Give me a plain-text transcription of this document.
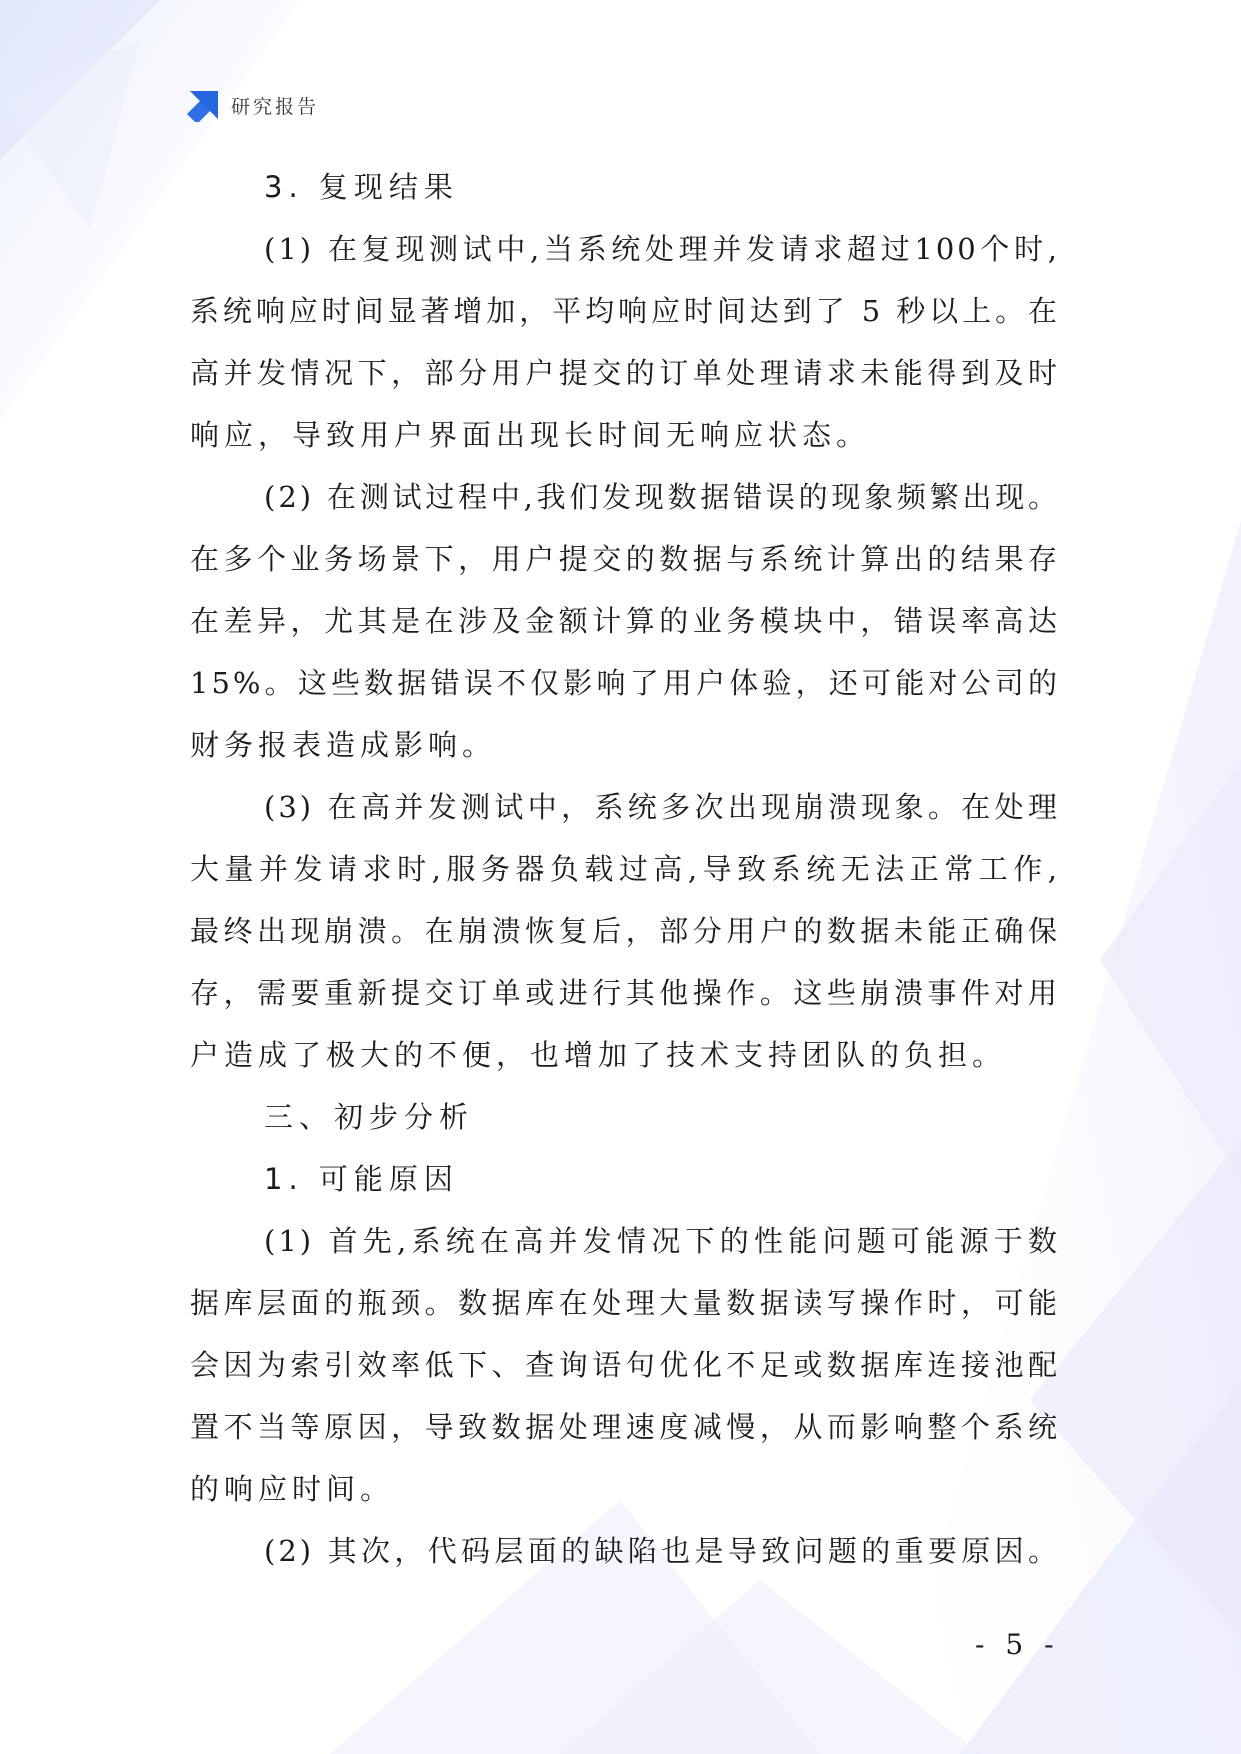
研究报告
3. 复现结果
(1) 在复现测试中,当系统处理并发请求超过100个时,
系统响应时间显著增加，平均响应时间达到了 5 秒以上。在
高并发情况下，部分用户提交的订单处理请求未能得到及时
响应，导致用户界面出现长时间无响应状态。
(2) 在测试过程中,我们发现数据错误的现象频繁出现。
在多个业务场景下，用户提交的数据与系统计算出的结果存
在差异，尤其是在涉及金额计算的业务模块中，错误率高达
15%。这些数据错误不仅影响了用户体验，还可能对公司的
财务报表造成影响。
(3) 在高并发测试中，系统多次出现崩溃现象。在处理
大量并发请求时,服务器负载过高,导致系统无法正常工作,
最终出现崩溃。在崩溃恢复后，部分用户的数据未能正确保
存，需要重新提交订单或进行其他操作。这些崩溃事件对用
户造成了极大的不便，也增加了技术支持团队的负担。
三、初步分析
1. 可能原因
(1) 首先,系统在高并发情况下的性能问题可能源于数
据库层面的瓶颈。数据库在处理大量数据读写操作时，可能
会因为索引效率低下、查询语句优化不足或数据库连接池配
置不当等原因，导致数据处理速度减慢，从而影响整个系统
的响应时间。
(2) 其次，代码层面的缺陷也是导致问题的重要原因。
- 5 -
